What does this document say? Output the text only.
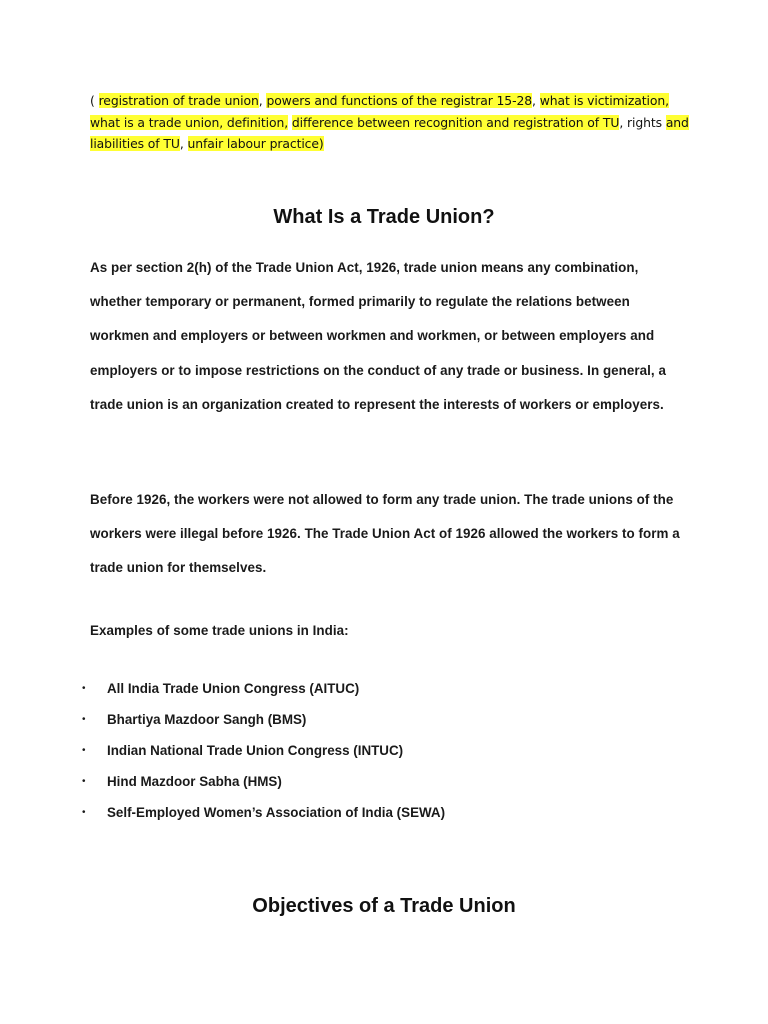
( registration of trade union, powers and functions of the registrar 15-28, what is victimization, what is a trade union, definition, difference between recognition and registration of TU, rights and liabilities of TU, unfair labour practice)
What Is a Trade Union?

As per section 2(h) of the Trade Union Act, 1926, trade union means any combination, whether temporary or permanent, formed primarily to regulate the relations between workmen and employers or between workmen and workmen, or between employers and employers or to impose restrictions on the conduct of any trade or business. In general, a trade union is an organization created to represent the interests of workers or employers.

Before 1926, the workers were not allowed to form any trade union. The trade unions of the workers were illegal before 1926. The Trade Union Act of 1926 allowed the workers to form a trade union for themselves.

Examples of some trade unions in India:

• All India Trade Union Congress (AITUC)
• Bhartiya Mazdoor Sangh (BMS)
• Indian National Trade Union Congress (INTUC)
• Hind Mazdoor Sabha (HMS)
• Self-Employed Women’s Association of India (SEWA)
Objectives of a Trade Union
